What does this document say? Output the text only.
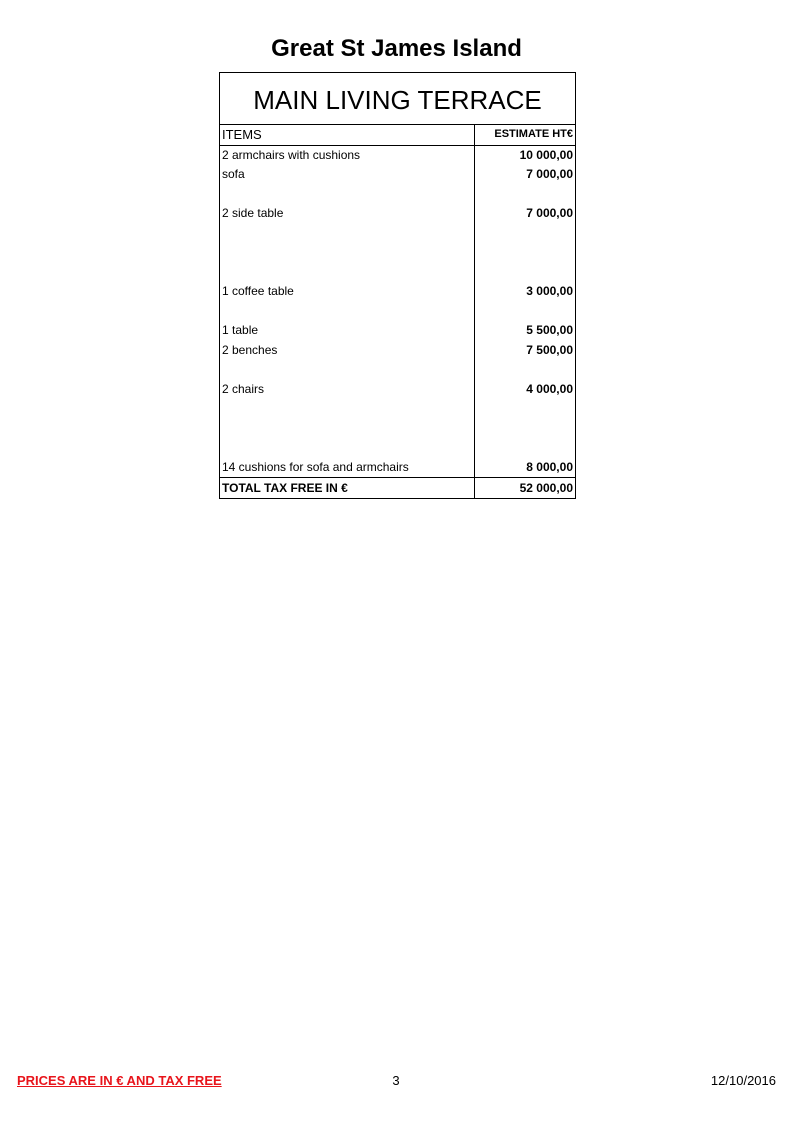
Great St James Island
MAIN LIVING TERRACE
ITEMS	ESTIMATE HT€
2 armchairs with cushions	10 000,00
sofa	7 000,00
2 side table	7 000,00
1 coffee table	3 000,00
1 table	5 500,00
2 benches	7 500,00
2 chairs	4 000,00
14 cushions for sofa and armchairs	8 000,00
TOTAL TAX FREE IN €	52 000,00
PRICES ARE IN € AND TAX FREE	3	12/10/2016
